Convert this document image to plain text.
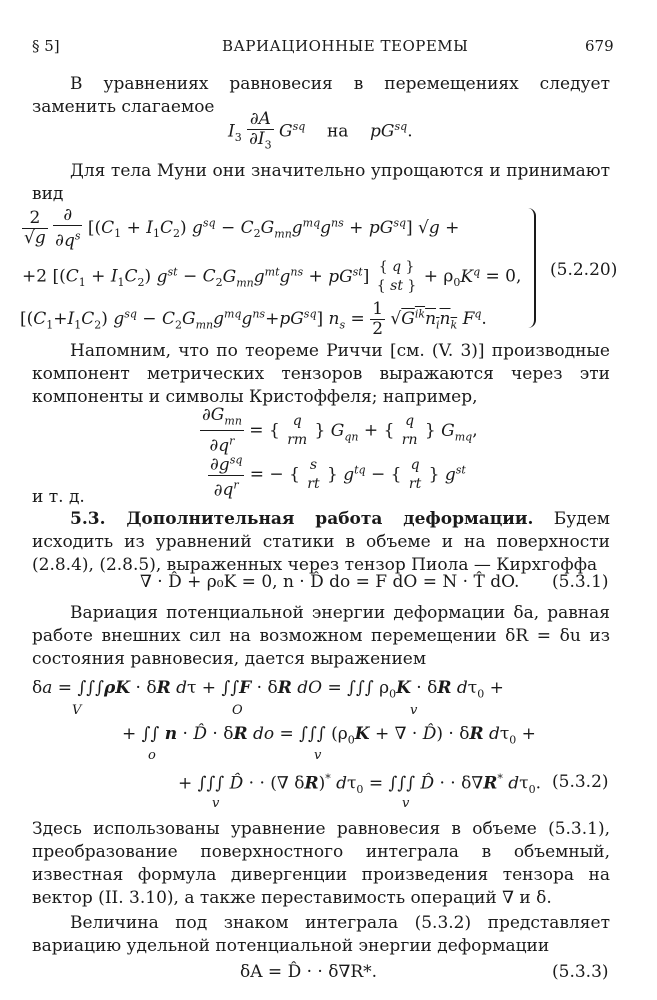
§ 5]	ВАРИАЦИОННЫЕ ТЕОРЕМЫ	679
В уравнениях равновесия в перемещениях следует заменить слагаемое
$I_3 \frac{\partial A}{\partial I_3} G^{sq}$    на    $pG^{sq}$.
Для тела Муни они значительно упрощаются и принимают вид
$\frac{2}{√g}$
$\frac{\partial}{\partial q^s} [(C_1 + I_1C_2) g^{sq} - C_2G_{mn}g^{mq}g^{ns} + pG^{sq}] √g$ +
+2 $[(C_1 + I_1C_2) g^{st} - C_2G_{mn}g^{mt}g^{ns} + pG^{st}]$ { q }
{ st } + $\rho_0K^q = 0$,
$[(C_1+I_1C_2) g^{sq} - C_2G_{mn}g^{mq}g^{ns}+pG^{sq}] n_s = \frac{1}{2} √G^{ik}n_in_k$ $F^q$.
(5.2.20)
Напомним, что по теореме Риччи [см. (V. 3)] производные компонент метрических тензоров выражаются через эти компоненты и символы Кристоффеля; например,
$\frac{\partial G_{mn}}{\partial q^r}$ = { q
rm } $G_{qn}$ + { q
rn } $G_{mq}$,
$\frac{\partial g^{sq}}{\partial q^r}$ = − { s
rt } $g^{tq}$ − { q
rt } $g^{st}$
и т. д.
5.3. Дополнительная работа деформации. Будем исходить из уравнений статики в объеме и на поверхности (2.8.4), (2.8.5), выраженных через тензор Пиола — Кирхгоффа
∇ · D̂ + ρ₀K = 0, n · D̂ do = F dO = N · T̂ dO. (5.3.1)
Вариация потенциальной энергии деформации δa, равная работе внешних сил на возможном перемещении δR = δu из состояния равновесия, дается выражением
δa = ∫∫∫ρK · δR dτ + ∫∫F · δR dO = ∫∫∫ $\rho_0K \cdot \delta R$ $d\tau_0$ +
V	O	v
+ ∫∫ n · D̂ · δR do = ∫∫∫ ($\rho_0K$ + ∇ · D̂) · δR $d\tau_0$ +
o	v
+ ∫∫∫ D̂ · · (∇ δR)* $d\tau_0$ = ∫∫∫ D̂ · · δ∇R* $d\tau_0$.
v	v
(5.3.2)
Здесь использованы уравнение равновесия в объеме (5.3.1), преобразование поверхностного интеграла в объемный, известная формула дивергенции произведения тензора на вектор (II. 3.10), а также переставимость операций ∇ и δ.
Величина под знаком интеграла (5.3.2) представляет вариацию удельной потенциальной энергии деформации
δA = D̂ · · δ∇R*.	(5.3.3)
